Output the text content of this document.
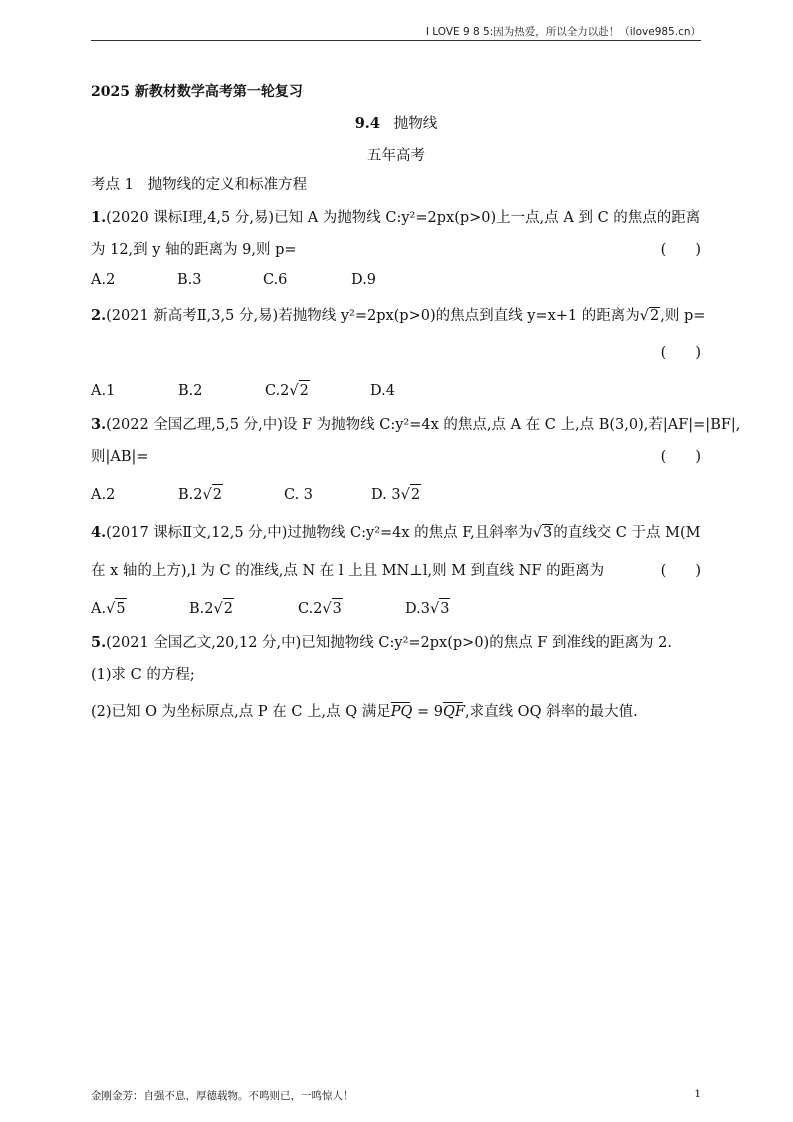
I LOVE 9 8 5:因为热爱，所以全力以赴！（ilove985.cn）
2025 新教材数学高考第一轮复习
9.4 抛物线
五年高考
考点 1 抛物线的定义和标准方程
1.(2020 课标Ⅰ理,4,5 分,易)已知 A 为抛物线 C:y²=2px(p>0)上一点,点 A 到 C 的焦点的距离
为 12,到 y 轴的距离为 9,则 p=	(　　)
A.2	B.3	C.6	D.9
2.(2021 新高考Ⅱ,3,5 分,易)若抛物线 y²=2px(p>0)的焦点到直线 y=x+1 的距离为√2,则 p=
(　　)
A.1	B.2	C.2√2	D.4
3.(2022 全国乙理,5,5 分,中)设 F 为抛物线 C:y²=4x 的焦点,点 A 在 C 上,点 B(3,0),若|AF|=|BF|,
则|AB|=	(　　)
A.2	B.2√2	C. 3	D. 3√2
4.(2017 课标Ⅱ文,12,5 分,中)过抛物线 C:y²=4x 的焦点 F,且斜率为√3的直线交 C 于点 M(M
在 x 轴的上方),l 为 C 的准线,点 N 在 l 上且 MN⊥l,则 M 到直线 NF 的距离为	(　　)
A.√5	B.2√2	C.2√3	D.3√3
5.(2021 全国乙文,20,12 分,中)已知抛物线 C:y²=2px(p>0)的焦点 F 到准线的距离为 2.
(1)求 C 的方程;
(2)已知 O 为坐标原点,点 P 在 C 上,点 Q 满足
PQ = 9
QF,求直线 OQ 斜率的最大值.
金刚金芳：自强不息，厚德载物。不鸣则已，一鸣惊人！	1
